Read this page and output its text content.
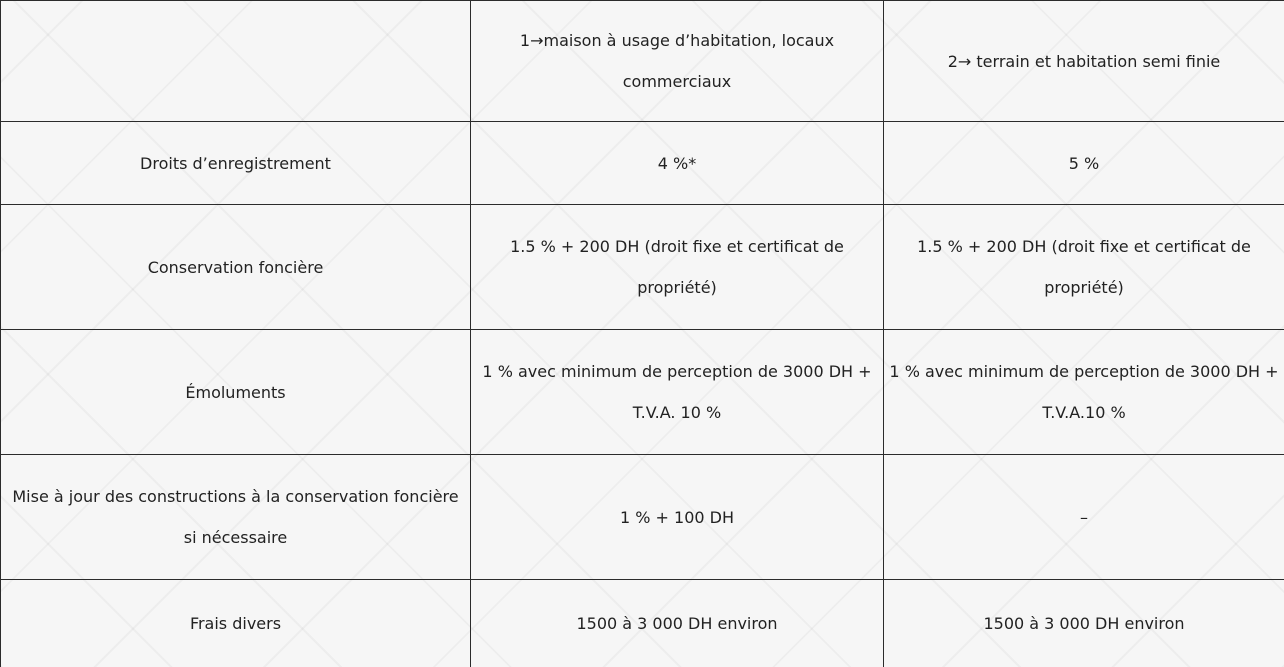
	1→maison à usage d’habitation, locaux commerciaux	2→ terrain et habitation semi finie
Droits d’enregistrement	4 %*	5 %
Conservation foncière	1.5 % + 200 DH (droit fixe et certificat de propriété)	1.5 % + 200 DH (droit fixe et certificat de propriété)
Émoluments	1 % avec minimum de perception de 3000 DH + T.V.A. 10 %	1 % avec minimum de perception de 3000 DH + T.V.A.10 %
Mise à jour des constructions à la conservation foncière si nécessaire	1 % + 100 DH	–
Frais divers	1500 à 3 000 DH environ	1500 à 3 000 DH environ
